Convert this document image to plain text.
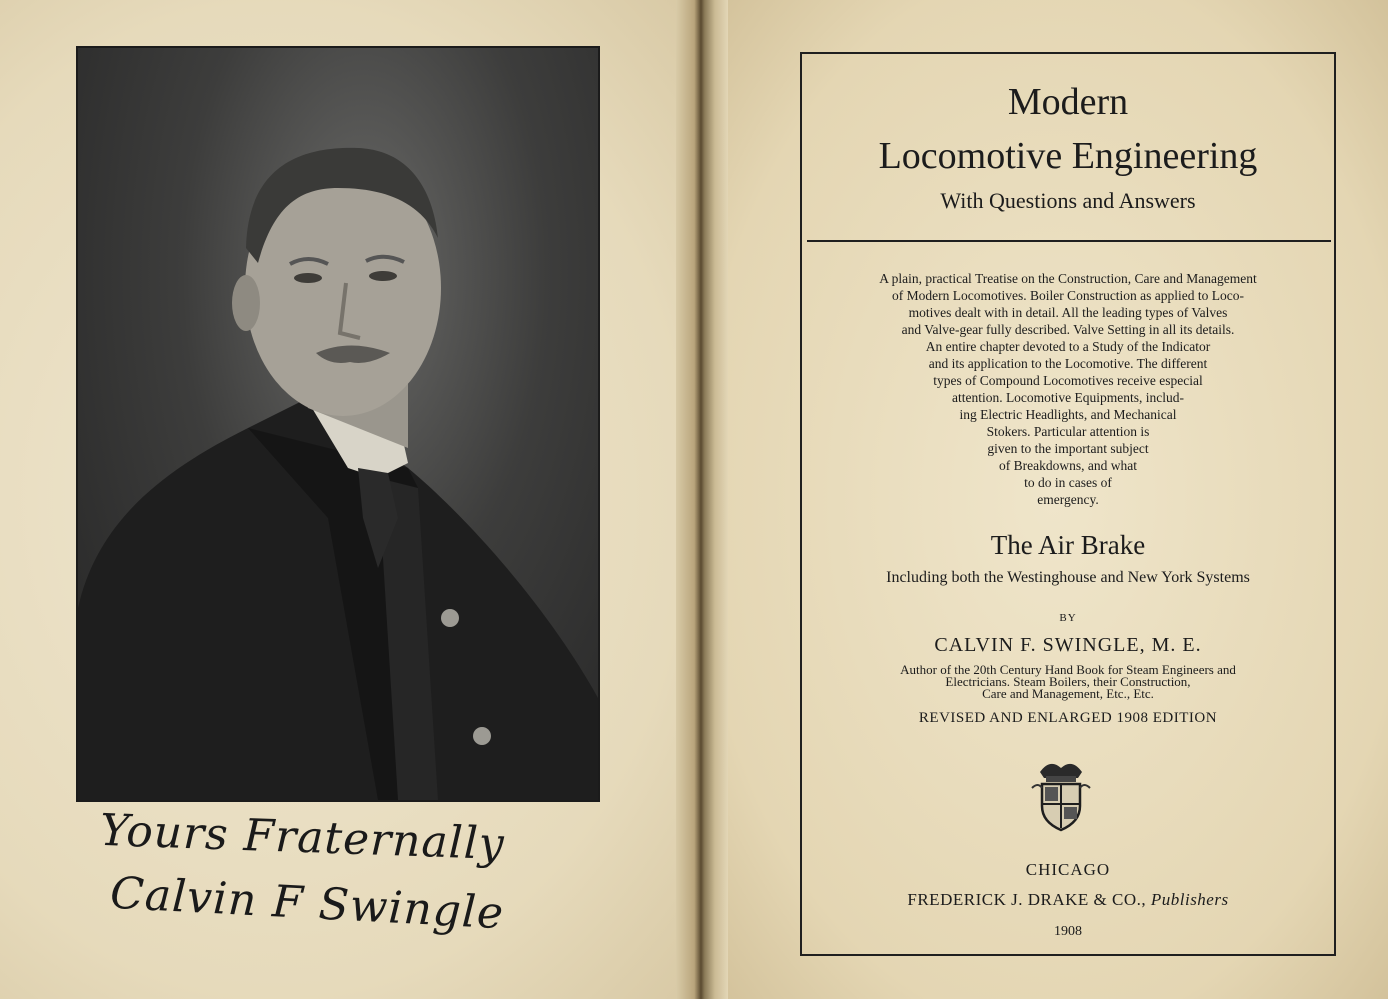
Yours Fraternally
Calvin F Swingle
Modern
Locomotive Engineering
With Questions and Answers
A plain, practical Treatise on the Construction, Care and Management
of Modern Locomotives. Boiler Construction as applied to Loco-
motives dealt with in detail. All the leading types of Valves
and Valve-gear fully described. Valve Setting in all its details.
An entire chapter devoted to a Study of the Indicator
and its application to the Locomotive. The different
types of Compound Locomotives receive especial
attention. Locomotive Equipments, includ-
ing Electric Headlights, and Mechanical
Stokers. Particular attention is
given to the important subject
of Breakdowns, and what
to do in cases of
emergency.
The Air Brake
Including both the Westinghouse and New York Systems
BY
CALVIN F. SWINGLE, M. E.
Author of the 20th Century Hand Book for Steam Engineers and
Electricians. Steam Boilers, their Construction,
Care and Management, Etc., Etc.
REVISED AND ENLARGED 1908 EDITION
CHICAGO
FREDERICK J. DRAKE & CO., Publishers
1908
